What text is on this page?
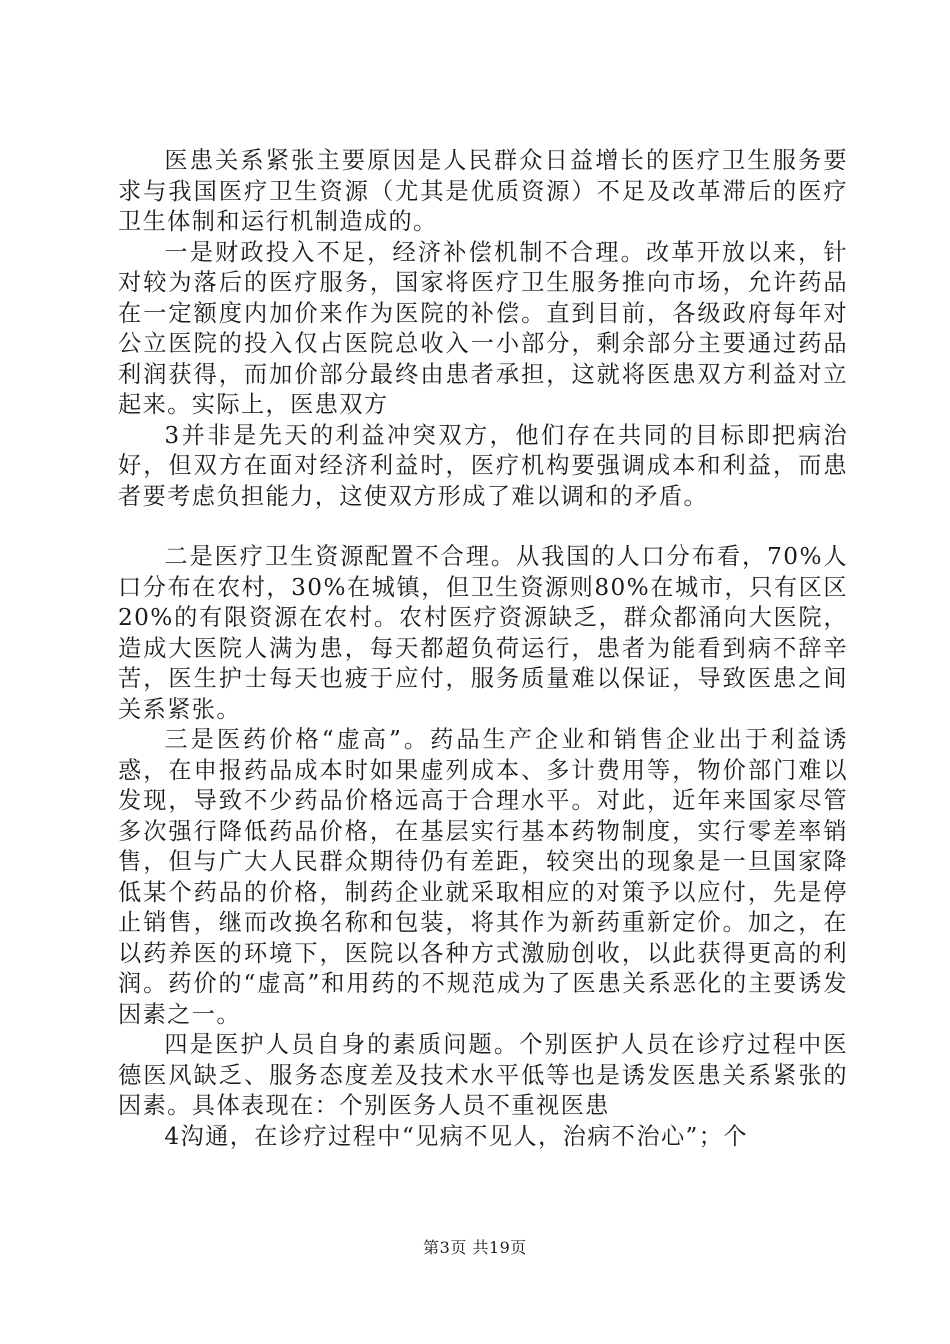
医患关系紧张主要原因是人民群众日益增长的医疗卫生服务要求与我国医疗卫生资源（尤其是优质资源）不足及改革滞后的医疗卫生体制和运行机制造成的。

一是财政投入不足，经济补偿机制不合理。改革开放以来，针对较为落后的医疗服务，国家将医疗卫生服务推向市场，允许药品在一定额度内加价来作为医院的补偿。直到目前，各级政府每年对公立医院的投入仅占医院总收入一小部分，剩余部分主要通过药品利润获得，而加价部分最终由患者承担，这就将医患双方利益对立起来。实际上，医患双方

3并非是先天的利益冲突双方，他们存在共同的目标即把病治好，但双方在面对经济利益时，医疗机构要强调成本和利益，而患者要考虑负担能力，这使双方形成了难以调和的矛盾。

二是医疗卫生资源配置不合理。从我国的人口分布看，70%人口分布在农村，30%在城镇，但卫生资源则80%在城市，只有区区20%的有限资源在农村。农村医疗资源缺乏，群众都涌向大医院，造成大医院人满为患，每天都超负荷运行，患者为能看到病不辞辛苦，医生护士每天也疲于应付，服务质量难以保证，导致医患之间关系紧张。

三是医药价格“虚高”。药品生产企业和销售企业出于利益诱惑，在申报药品成本时如果虚列成本、多计费用等，物价部门难以发现，导致不少药品价格远高于合理水平。对此，近年来国家尽管多次强行降低药品价格，在基层实行基本药物制度，实行零差率销售，但与广大人民群众期待仍有差距，较突出的现象是一旦国家降低某个药品的价格，制药企业就采取相应的对策予以应付，先是停止销售，继而改换名称和包装，将其作为新药重新定价。加之，在以药养医的环境下，医院以各种方式激励创收，以此获得更高的利润。药价的“虚高”和用药的不规范成为了医患关系恶化的主要诱发因素之一。

四是医护人员自身的素质问题。个别医护人员在诊疗过程中医德医风缺乏、服务态度差及技术水平低等也是诱发医患关系紧张的因素。具体表现在：个别医务人员不重视医患

4沟通，在诊疗过程中“见病不见人，治病不治心”；个

第3页 共19页
